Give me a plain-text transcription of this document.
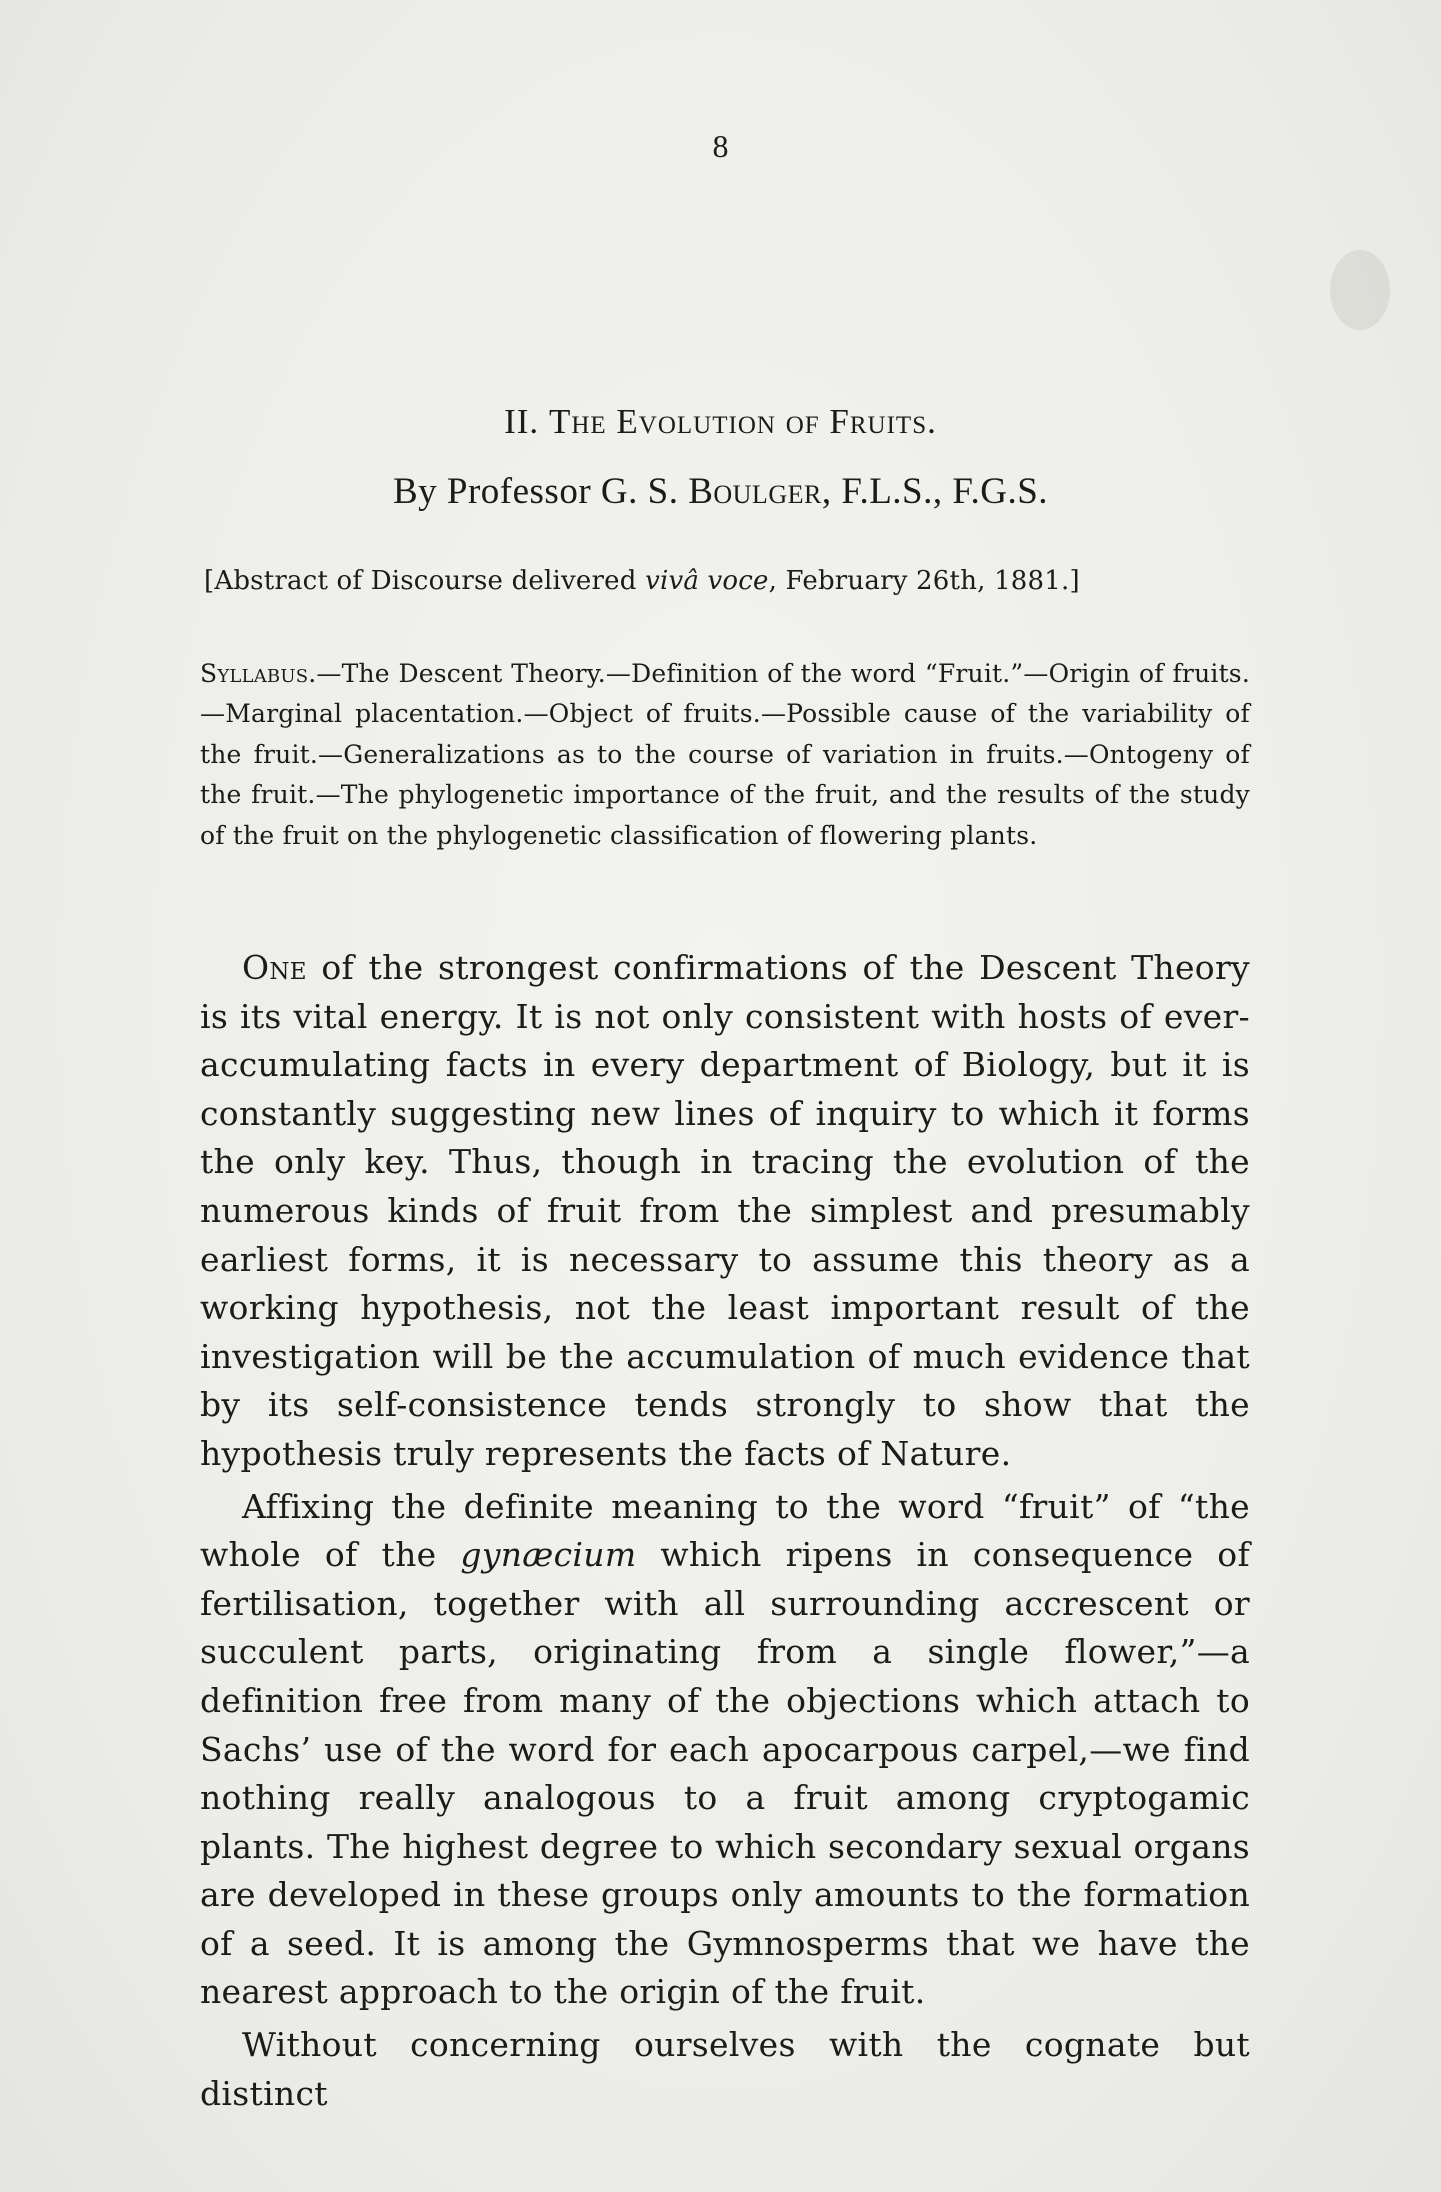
8
II. The Evolution of Fruits.
By Professor G. S. Boulger, F.L.S., F.G.S.
[Abstract of Discourse delivered vivâ voce, February 26th, 1881.]
Syllabus.—The Descent Theory.—Definition of the word “Fruit.”—Origin of fruits.—Marginal placentation.—Object of fruits.—Possible cause of the variability of the fruit.—Generalizations as to the course of variation in fruits.—Ontogeny of the fruit.—The phylogenetic importance of the fruit, and the results of the study of the fruit on the phylogenetic classification of flowering plants.

One of the strongest confirmations of the Descent Theory is its vital energy. It is not only consistent with hosts of ever-accumulating facts in every department of Biology, but it is constantly suggesting new lines of inquiry to which it forms the only key. Thus, though in tracing the evolution of the numerous kinds of fruit from the simplest and presumably earliest forms, it is necessary to assume this theory as a working hypothesis, not the least important result of the investigation will be the accumulation of much evidence that by its self-consistence tends strongly to show that the hypothesis truly represents the facts of Nature.

Affixing the definite meaning to the word “fruit” of “the whole of the gynæcium which ripens in consequence of fertilisation, together with all surrounding accrescent or succulent parts, originating from a single flower,”—a definition free from many of the objections which attach to Sachs’ use of the word for each apocarpous carpel,—we find nothing really analogous to a fruit among cryptogamic plants. The highest degree to which secondary sexual organs are developed in these groups only amounts to the formation of a seed. It is among the Gymnosperms that we have the nearest approach to the origin of the fruit.

Without concerning ourselves with the cognate but distinct
